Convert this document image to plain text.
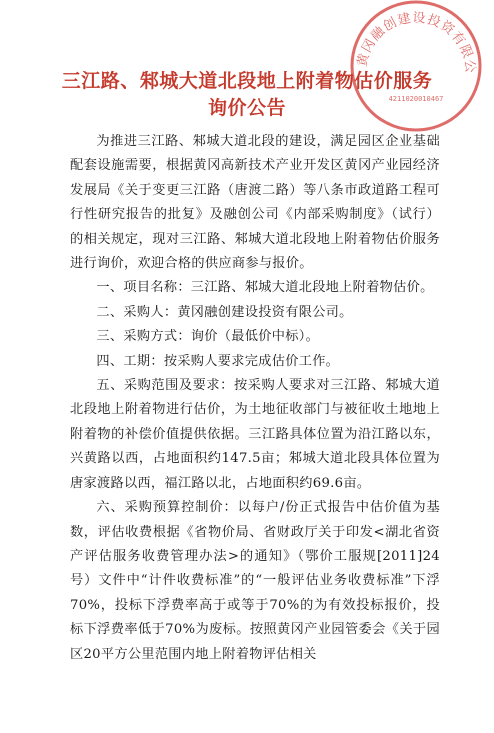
黄冈融创建设投资有限公
4211020010467
三江路、邾城大道北段地上附着物估价服务
询价公告

为推进三江路、邾城大道北段的建设，满足园区企业基础配套设施需要，根据黄冈高新技术产业开发区黄冈产业园经济发展局《关于变更三江路（唐渡二路）等八条市政道路工程可行性研究报告的批复》及融创公司《内部采购制度》（试行）的相关规定，现对三江路、邾城大道北段地上附着物估价服务进行询价，欢迎合格的供应商参与报价。

一、项目名称：三江路、邾城大道北段地上附着物估价。

二、采购人：黄冈融创建设投资有限公司。

三、采购方式：询价（最低价中标）。

四、工期：按采购人要求完成估价工作。

五、采购范围及要求：按采购人要求对三江路、邾城大道北段地上附着物进行估价，为土地征收部门与被征收土地地上附着物的补偿价值提供依据。三江路具体位置为沿江路以东，兴黄路以西，占地面积约147.5亩；邾城大道北段具体位置为唐家渡路以西，福江路以北，占地面积约69.6亩。

六、采购预算控制价：以每户/份正式报告中估价值为基数，评估收费根据《省物价局、省财政厅关于印发<湖北省资产评估服务收费管理办法>的通知》（鄂价工服规[2011]24号）文件中“计件收费标准”的“一般评估业务收费标准”下浮70%，投标下浮费率高于或等于70%的为有效投标报价，投标下浮费率低于70%为废标。按照黄冈产业园管委会《关于园区20平方公里范围内地上附着物评估相关
